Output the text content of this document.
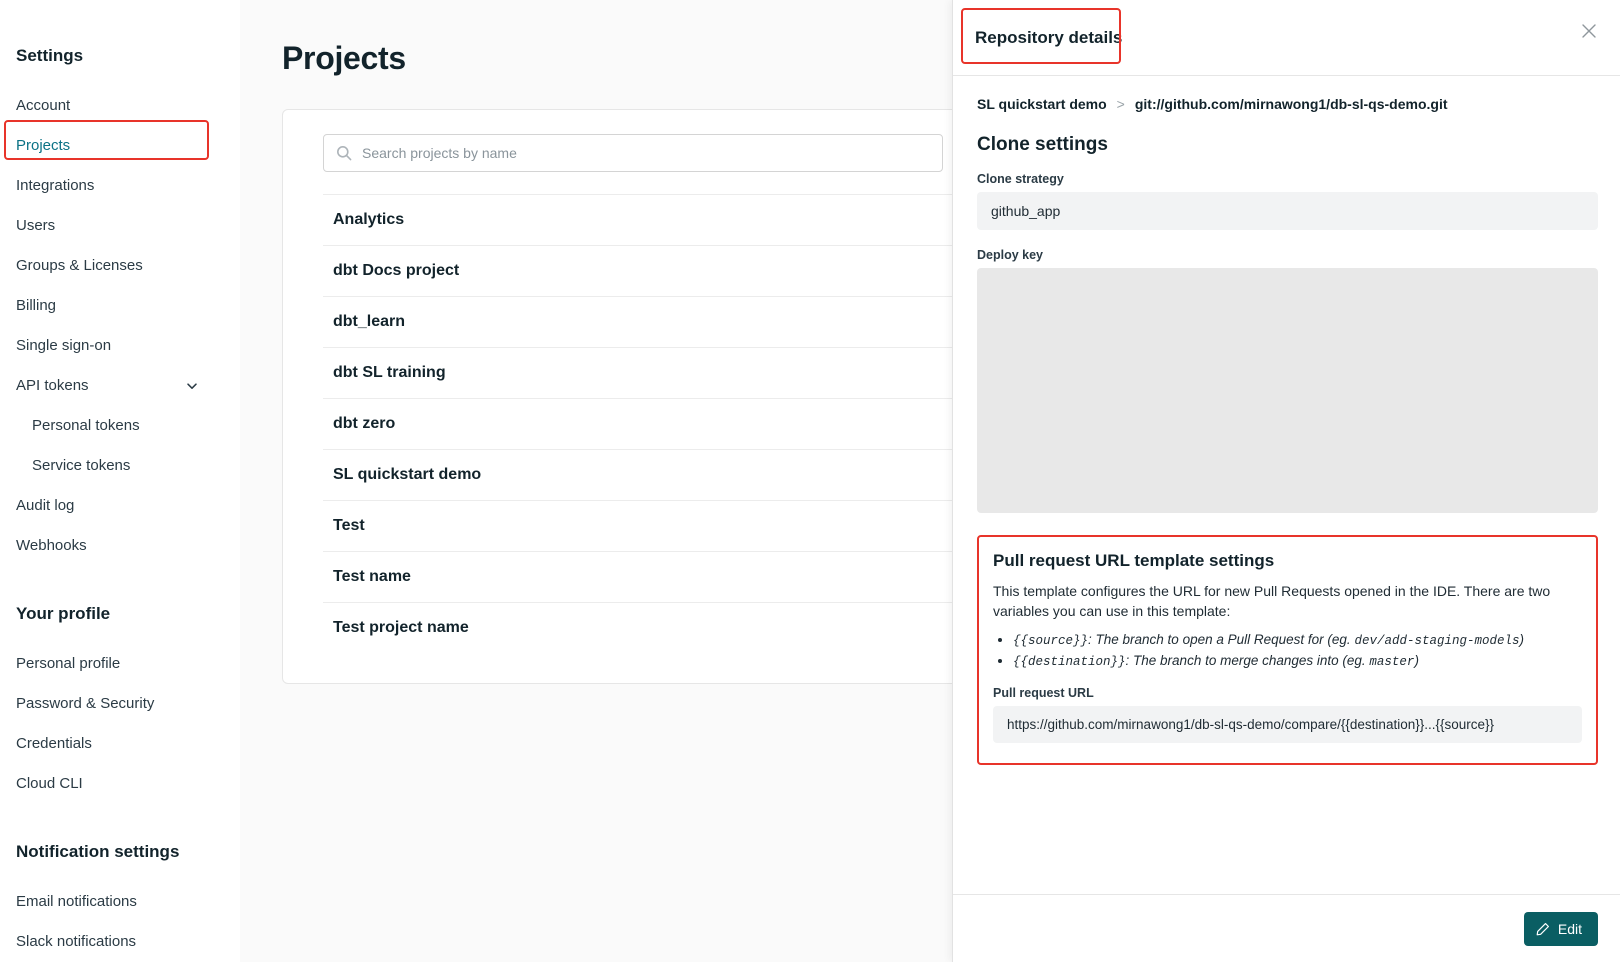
Settings
Account
Projects
Integrations
Users
Groups & Licenses
Billing
Single sign-on
API tokens
Personal tokens
Service tokens
Audit log
Webhooks
Your profile
Personal profile
Password & Security
Credentials
Cloud CLI
Notification settings
Email notifications
Slack notifications
Projects
Search projects by name
Analytics
dbt Docs project
dbt_learn
dbt SL training
dbt zero
SL quickstart demo
Test
Test name
Test project name
Repository details
SL quickstart demo > git://github.com/mirnawong1/db-sl-qs-demo.git
Clone settings
Clone strategy
github_app
Deploy key
Pull request URL template settings
This template configures the URL for new Pull Requests opened in the IDE. There are two variables you can use in this template:
• {{source}}: The branch to open a Pull Request for (eg. dev/add-staging-models)
• {{destination}}: The branch to merge changes into (eg. master)
Pull request URL
https://github.com/mirnawong1/db-sl-qs-demo/compare/{{destination}}...{{source}}
Edit
